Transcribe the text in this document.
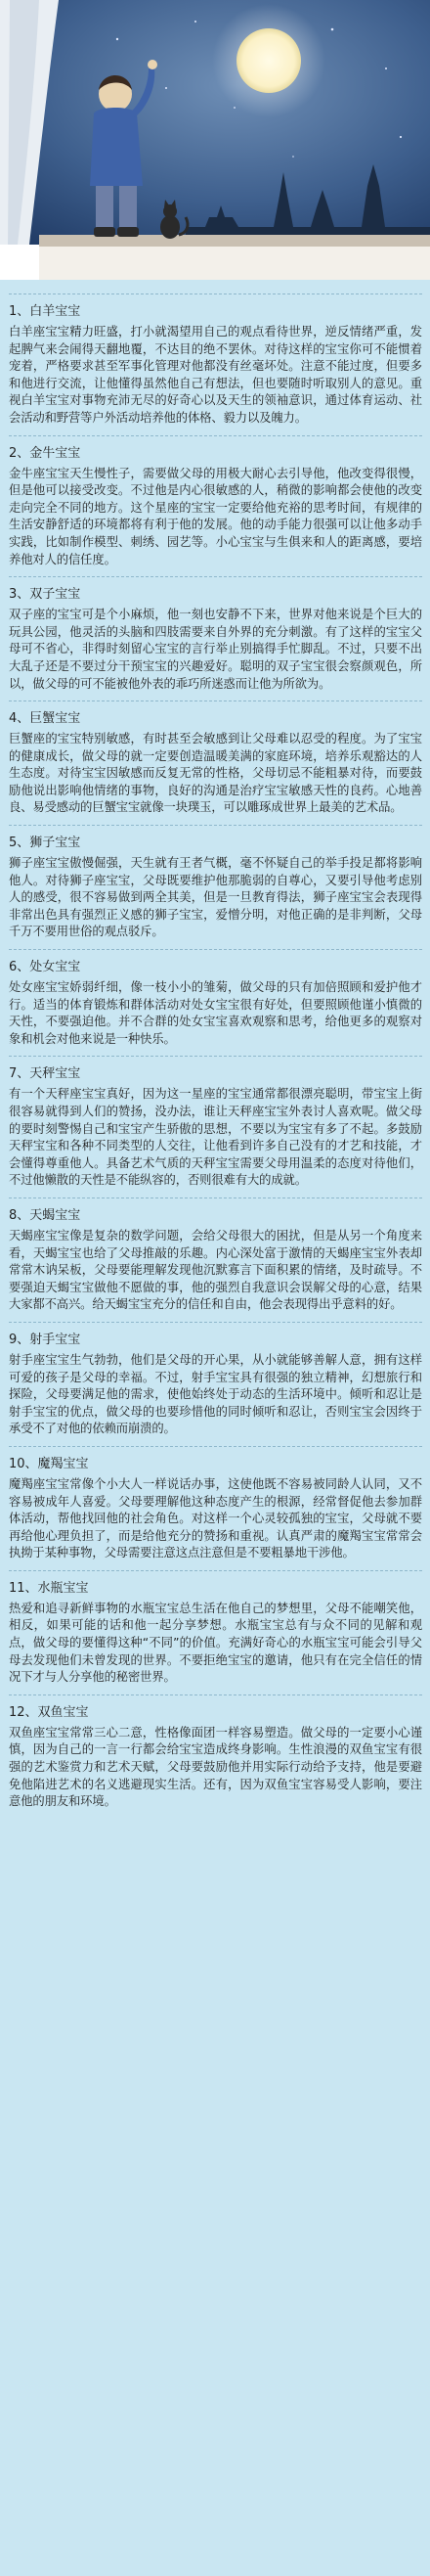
1、白羊宝宝

白羊座宝宝精力旺盛，打小就渴望用自己的观点看待世界，逆反情绪严重，发起脾气来会闹得天翻地覆，不达目的绝不罢休。对待这样的宝宝你可不能惯着宠着，严格要求甚至军事化管理对他都没有丝毫坏处。注意不能过度，但要多和他进行交流，让他懂得虽然他自己有想法，但也要随时听取别人的意见。重视白羊宝宝对事物充沛无尽的好奇心以及天生的领袖意识，通过体育运动、社会活动和野营等户外活动培养他的体格、毅力以及魄力。

2、金牛宝宝

金牛座宝宝天生慢性子，需要做父母的用极大耐心去引导他，他改变得很慢，但是他可以接受改变。不过他是内心很敏感的人，稍微的影响都会使他的改变走向完全不同的地方。这个星座的宝宝一定要给他充裕的思考时间，有规律的生活安静舒适的环境都将有利于他的发展。他的动手能力很强可以让他多动手实践，比如制作模型、刺绣、园艺等。小心宝宝与生俱来和人的距离感，要培养他对人的信任度。

3、双子宝宝

双子座的宝宝可是个小麻烦，他一刻也安静不下来，世界对他来说是个巨大的玩具公园，他灵活的头脑和四肢需要来自外界的充分刺激。有了这样的宝宝父母可不省心，非得时刻留心宝宝的言行举止别搞得手忙脚乱。不过，只要不出大乱子还是不要过分干预宝宝的兴趣爱好。聪明的双子宝宝很会察颜观色，所以，做父母的可不能被他外表的乖巧所迷惑而让他为所欲为。

4、巨蟹宝宝

巨蟹座的宝宝特别敏感，有时甚至会敏感到让父母难以忍受的程度。为了宝宝的健康成长，做父母的就一定要创造温暖美满的家庭环境，培养乐观豁达的人生态度。对待宝宝因敏感而反复无常的性格，父母切忌不能粗暴对待，而要鼓励他说出影响他情绪的事物，良好的沟通是治疗宝宝敏感天性的良药。心地善良、易受感动的巨蟹宝宝就像一块璞玉，可以雕琢成世界上最美的艺术品。

5、狮子宝宝

狮子座宝宝傲慢倔强，天生就有王者气概，毫不怀疑自己的举手投足都将影响他人。对待狮子座宝宝，父母既要维护他那脆弱的自尊心，又要引导他考虑别人的感受，很不容易做到两全其美，但是一旦教育得法，狮子座宝宝会表现得非常出色具有强烈正义感的狮子宝宝，爱憎分明，对他正确的是非判断，父母千万不要用世俗的观点驳斥。

6、处女宝宝

处女座宝宝娇弱纤细，像一枝小小的雏菊，做父母的只有加倍照顾和爱护他才行。适当的体育锻炼和群体活动对处女宝宝很有好处，但要照顾他谨小慎微的天性，不要强迫他。并不合群的处女宝宝喜欢观察和思考，给他更多的观察对象和机会对他来说是一种快乐。

7、天秤宝宝

有一个天秤座宝宝真好，因为这一星座的宝宝通常都很漂亮聪明，带宝宝上街很容易就得到人们的赞扬，没办法，谁让天秤座宝宝外表讨人喜欢呢。做父母的要时刻警惕自己和宝宝产生骄傲的思想，不要以为宝宝有多了不起。多鼓励天秤宝宝和各种不同类型的人交往，让他看到许多自己没有的才艺和技能，才会懂得尊重他人。具备艺术气质的天秤宝宝需要父母用温柔的态度对待他们，不过他懒散的天性是不能纵容的，否则很难有大的成就。

8、天蝎宝宝

天蝎座宝宝像是复杂的数学问题，会给父母很大的困扰，但是从另一个角度来看，天蝎宝宝也给了父母推敲的乐趣。内心深处富于激情的天蝎座宝宝外表却常常木讷呆板，父母要能理解发现他沉默寡言下面积累的情绪，及时疏导。不要强迫天蝎宝宝做他不愿做的事，他的强烈自我意识会误解父母的心意，结果大家都不高兴。给天蝎宝宝充分的信任和自由，他会表现得出乎意料的好。

9、射手宝宝

射手座宝宝生气勃勃，他们是父母的开心果，从小就能够善解人意，拥有这样可爱的孩子是父母的幸福。不过，射手宝宝具有很强的独立精神，幻想旅行和探险，父母要满足他的需求，使他始终处于动态的生活环境中。倾听和忍让是射手宝宝的优点，做父母的也要珍惜他的同时倾听和忍让，否则宝宝会因终于承受不了对他的依赖而崩溃的。

10、魔羯宝宝

魔羯座宝宝常像个小大人一样说话办事，这使他既不容易被同龄人认同，又不容易被成年人喜爱。父母要理解他这种态度产生的根源，经常督促他去参加群体活动，帮他找回他的社会角色。对这样一个心灵较孤独的宝宝，父母就不要再给他心理负担了，而是给他充分的赞扬和重视。认真严肃的魔羯宝宝常常会执拗于某种事物，父母需要注意这点注意但是不要粗暴地干涉他。

11、水瓶宝宝

热爱和追寻新鲜事物的水瓶宝宝总生活在他自己的梦想里，父母不能嘲笑他，相反，如果可能的话和他一起分享梦想。水瓶宝宝总有与众不同的见解和观点，做父母的要懂得这种“不同”的价值。充满好奇心的水瓶宝宝可能会引导父母去发现他们未曾发现的世界。不要拒绝宝宝的邀请，他只有在完全信任的情况下才与人分享他的秘密世界。

12、双鱼宝宝

双鱼座宝宝常常三心二意，性格像面团一样容易塑造。做父母的一定要小心谨慎，因为自己的一言一行都会给宝宝造成终身影响。生性浪漫的双鱼宝宝有很强的艺术鉴赏力和艺术天赋，父母要鼓励他并用实际行动给予支持，他是要避免他陷进艺术的名义逃避现实生活。还有，因为双鱼宝宝容易受人影响，要注意他的朋友和环境。
